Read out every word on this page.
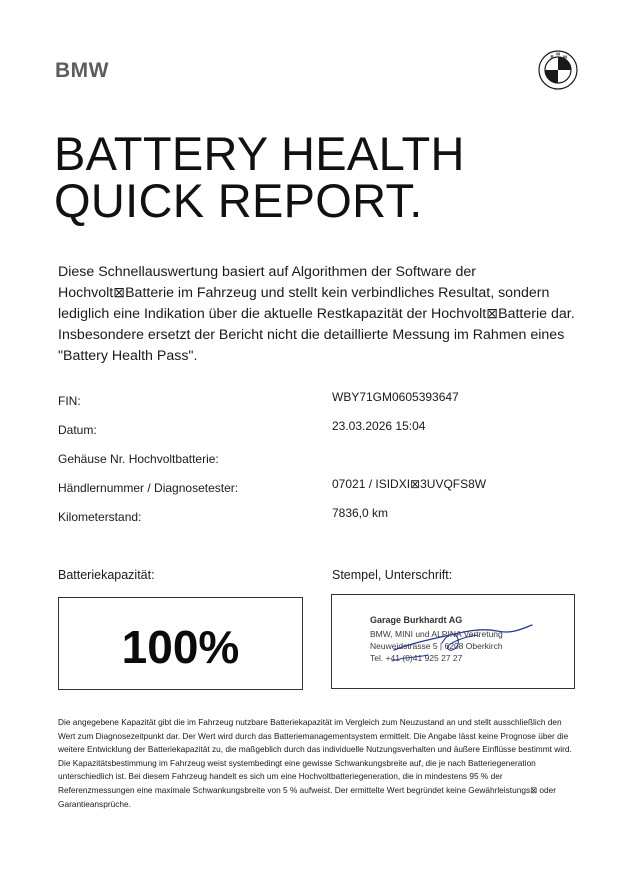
BMW
B
M
W
BATTERY HEALTH
QUICK REPORT.

Diese Schnellauswertung basiert auf Algorithmen der Software der Hochvolt⊠Batterie im Fahrzeug und stellt kein verbindliches Resultat, sondern lediglich eine Indikation über die aktuelle Restkapazität der Hochvolt⊠Batterie dar. Insbesondere ersetzt der Bericht nicht die detaillierte Messung im Rahmen eines "Battery Health Pass".

FIN:	WBY71GM0605393647
Datum:	23.03.2026 15:04
Gehäuse Nr. Hochvoltbatterie:
Händlernummer / Diagnosetester:	07021 / ISIDXI⊠3UVQFS8W
Kilometerstand:	7836,0 km
Batteriekapazität:	Stempel, Unterschrift:
100%
Garage Burkhardt AG
BMW, MINI und ALPINA Vertretung
Neuweidstrasse 5 | 6208 Oberkirch
Tel. +41 (0)41 925 27 27

Die angegebene Kapazität gibt die im Fahrzeug nutzbare Batteriekapazität im Vergleich zum Neuzustand an und stellt ausschließlich den Wert zum Diagnosezeitpunkt dar. Der Wert wird durch das Batteriemanagementsystem ermittelt. Die Angabe lässt keine Prognose über die weitere Entwicklung der Batteriekapazität zu, die maßgeblich durch das individuelle Nutzungsverhalten und äußere Einflüsse bestimmt wird. Die Kapazitätsbestimmung im Fahrzeug weist systembedingt eine gewisse Schwankungsbreite auf, die je nach Batteriegeneration unterschiedlich ist. Bei diesem Fahrzeug handelt es sich um eine Hochvoltbatteriegeneration, die in mindestens 95 % der Referenzmessungen eine maximale Schwankungsbreite von 5 % aufweist. Der ermittelte Wert begründet keine Gewährleistungs⊠ oder Garantieansprüche.
